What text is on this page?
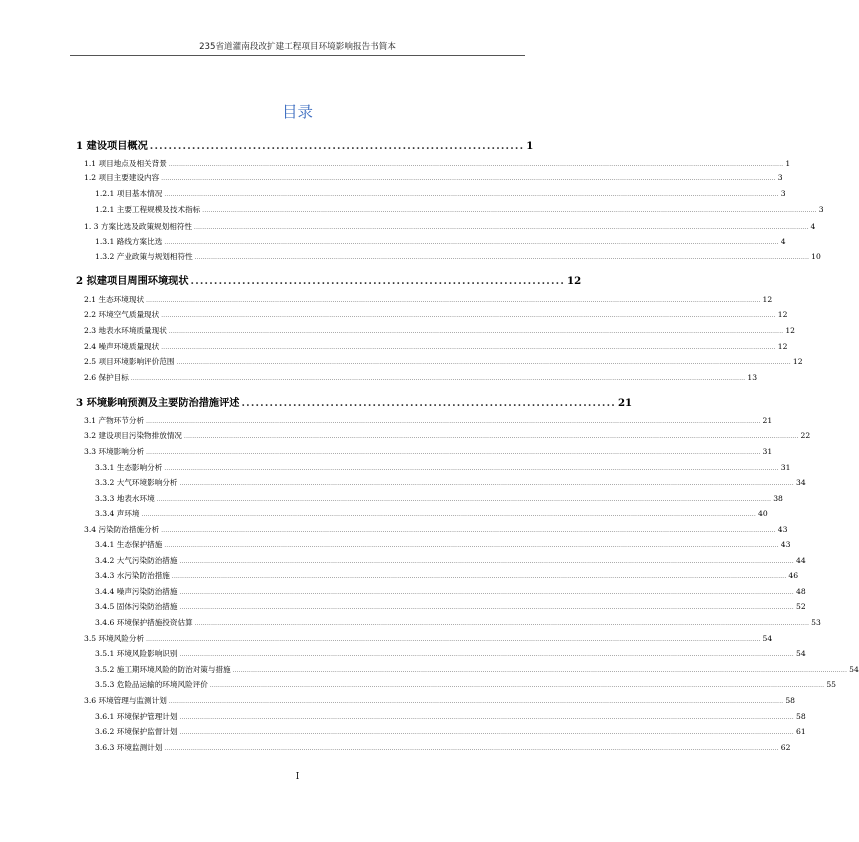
235省道灌南段改扩建工程项目环境影响报告书简本
目录
1 建设项目概况 ................................................................................ 1
1.1 项目地点及相关背景 ............................................................................................................................................................................................................................................................................................................ 1
1.2 项目主要建设内容 ............................................................................................................................................................................................................................................................................................................ 3
1.2.1 项目基本情况 ............................................................................................................................................................................................................................................................................................................ 3
1.2.1 主要工程规模及技术指标 ............................................................................................................................................................................................................................................................................................................ 3
1. 3 方案比选及政策规划相符性 ............................................................................................................................................................................................................................................................................................................ 4
1.3.1 路线方案比选 ............................................................................................................................................................................................................................................................................................................ 4
1.3.2 产业政策与规划相符性 ............................................................................................................................................................................................................................................................................................................ 10
2 拟建项目周围环境现状 ................................................................................ 12
2.1 生态环境现状 ............................................................................................................................................................................................................................................................................................................ 12
2.2 环境空气质量现状 ............................................................................................................................................................................................................................................................................................................ 12
2.3 地表水环境质量现状 ............................................................................................................................................................................................................................................................................................................ 12
2.4 噪声环境质量现状 ............................................................................................................................................................................................................................................................................................................ 12
2.5 项目环境影响评价范围 ............................................................................................................................................................................................................................................................................................................ 12
2.6 保护目标 ............................................................................................................................................................................................................................................................................................................ 13
3 环境影响预测及主要防治措施评述 ................................................................................ 21
3.1 产物环节分析 ............................................................................................................................................................................................................................................................................................................ 21
3.2 建设项目污染物排放情况 ............................................................................................................................................................................................................................................................................................................ 22
3.3 环境影响分析 ............................................................................................................................................................................................................................................................................................................ 31
3.3.1 生态影响分析 ............................................................................................................................................................................................................................................................................................................ 31
3.3.2 大气环境影响分析 ............................................................................................................................................................................................................................................................................................................ 34
3.3.3 地表水环境 ............................................................................................................................................................................................................................................................................................................ 38
3.3.4 声环境 ............................................................................................................................................................................................................................................................................................................ 40
3.4 污染防治措施分析 ............................................................................................................................................................................................................................................................................................................ 43
3.4.1 生态保护措施 ............................................................................................................................................................................................................................................................................................................ 43
3.4.2 大气污染防治措施 ............................................................................................................................................................................................................................................................................................................ 44
3.4.3 水污染防治措施 ............................................................................................................................................................................................................................................................................................................ 46
3.4.4 噪声污染防治措施 ............................................................................................................................................................................................................................................................................................................ 48
3.4.5 固体污染防治措施 ............................................................................................................................................................................................................................................................................................................ 52
3.4.6 环境保护措施投资估算 ............................................................................................................................................................................................................................................................................................................ 53
3.5 环境风险分析 ............................................................................................................................................................................................................................................................................................................ 54
3.5.1 环境风险影响识别 ............................................................................................................................................................................................................................................................................................................ 54
3.5.2 施工期环境风险的防治对策与措施 ............................................................................................................................................................................................................................................................................................................ 54
3.5.3 危险品运输的环境风险评价 ............................................................................................................................................................................................................................................................................................................ 55
3.6 环境管理与监测计划 ............................................................................................................................................................................................................................................................................................................ 58
3.6.1 环境保护管理计划 ............................................................................................................................................................................................................................................................................................................ 58
3.6.2 环境保护监督计划 ............................................................................................................................................................................................................................................................................................................ 61
3.6.3 环境监测计划 ............................................................................................................................................................................................................................................................................................................ 62
I
